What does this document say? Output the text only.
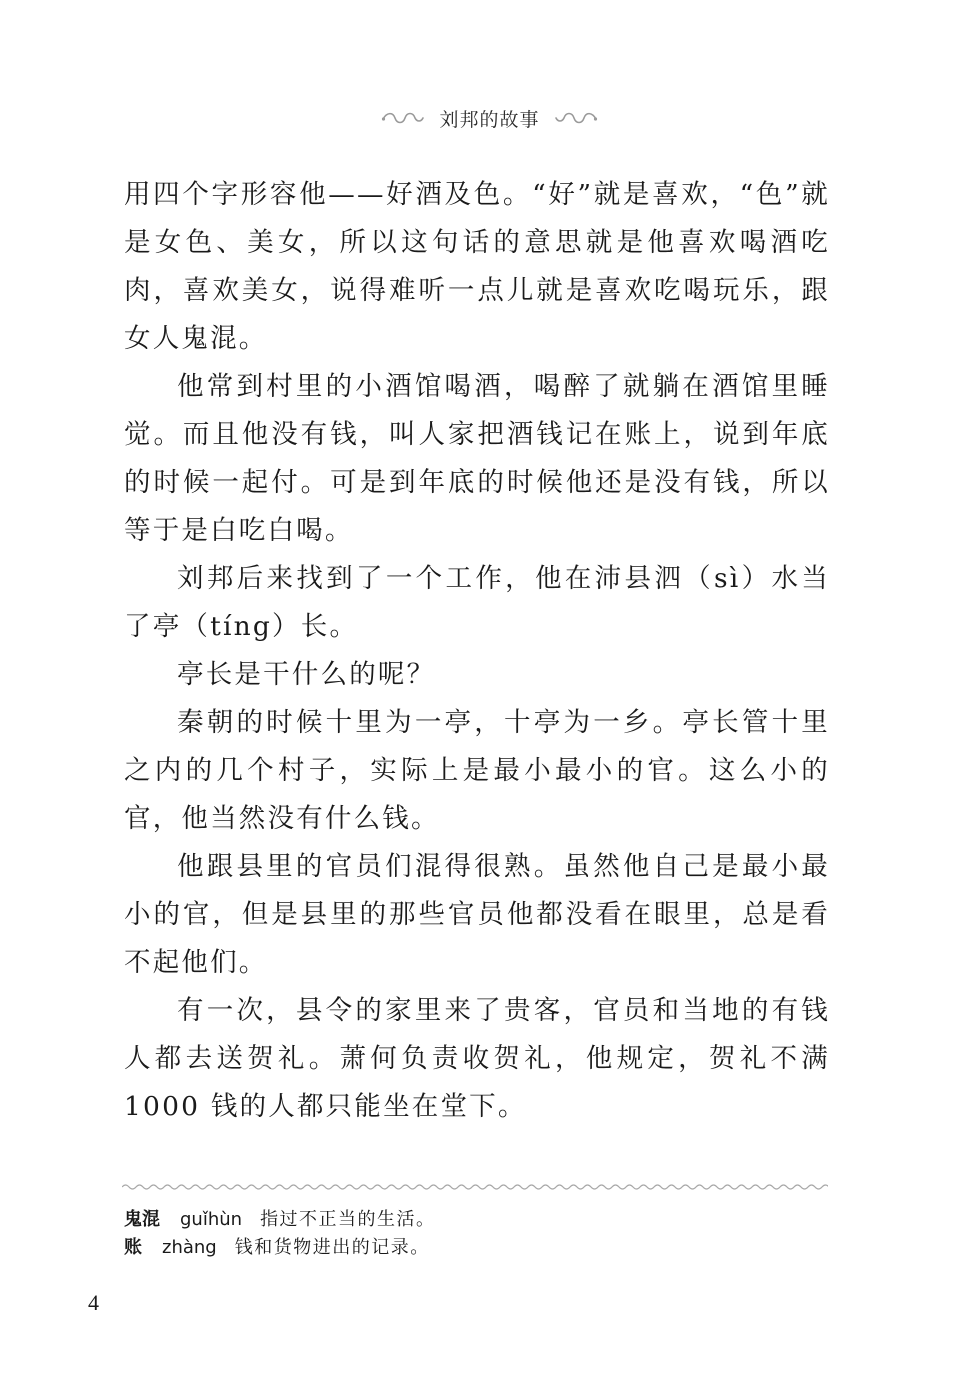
刘邦的故事

用四个字形容他——好酒及色。“好”就是喜欢，“色”就是女色、美女，所以这句话的意思就是他喜欢喝酒吃肉，喜欢美女，说得难听一点儿就是喜欢吃喝玩乐，跟女人鬼混。

他常到村里的小酒馆喝酒，喝醉了就躺在酒馆里睡觉。而且他没有钱，叫人家把酒钱记在账上，说到年底的时候一起付。可是到年底的时候他还是没有钱，所以等于是白吃白喝。

刘邦后来找到了一个工作，他在沛县泗（sì）水当了亭（tíng）长。

亭长是干什么的呢？

秦朝的时候十里为一亭，十亭为一乡。亭长管十里之内的几个村子，实际上是最小最小的官。这么小的官，他当然没有什么钱。

他跟县里的官员们混得很熟。虽然他自己是最小最小的官，但是县里的那些官员他都没看在眼里，总是看不起他们。

有一次，县令的家里来了贵客，官员和当地的有钱人都去送贺礼。萧何负责收贺礼，他规定，贺礼不满 1000 钱的人都只能坐在堂下。

鬼混 guǐhùn 指过不正当的生活。
账 zhàng 钱和货物进出的记录。
4
